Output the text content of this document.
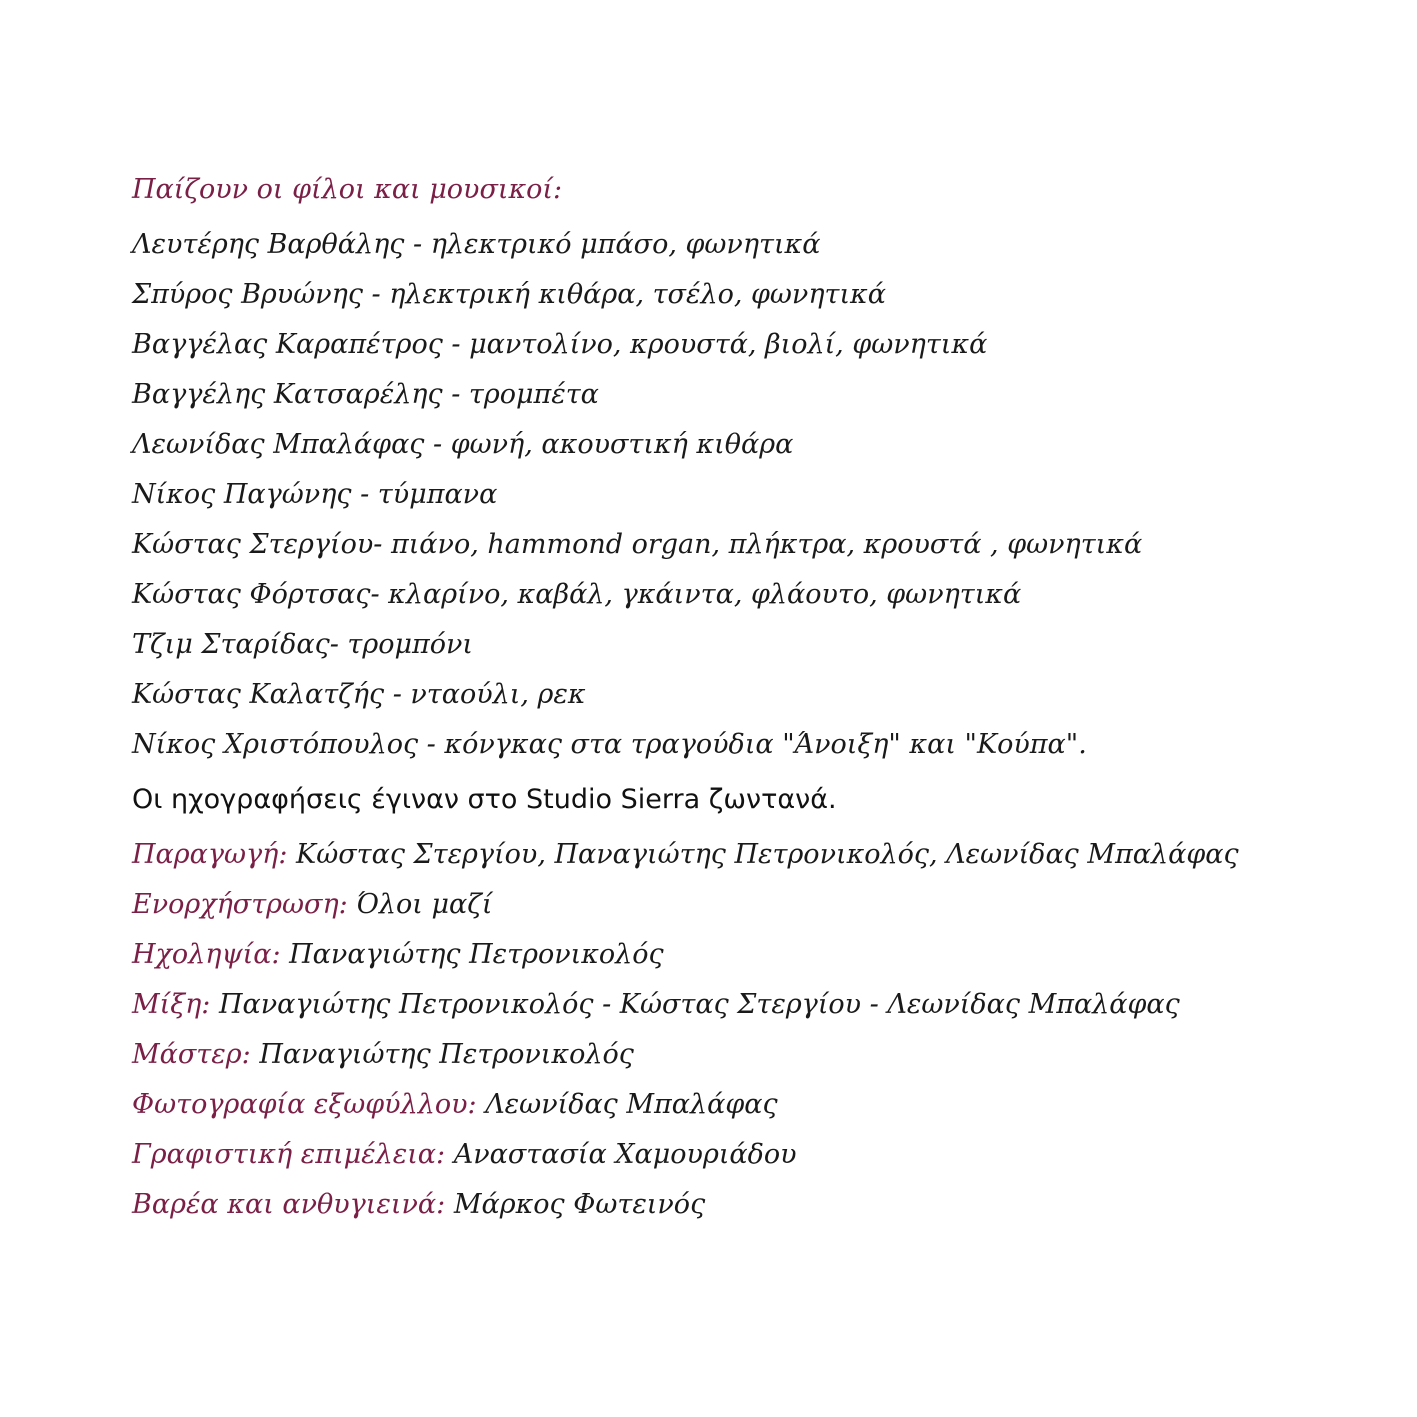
Παίζουν οι φίλοι και μουσικοί:
Λευτέρης Βαρθάλης - ηλεκτρικό μπάσο, φωνητικά
Σπύρος Βρυώνης - ηλεκτρική κιθάρα, τσέλο, φωνητικά
Βαγγέλας Καραπέτρος - μαντολίνο, κρουστά, βιολί, φωνητικά
Βαγγέλης Κατσαρέλης - τρομπέτα
Λεωνίδας Μπαλάφας - φωνή, ακουστική κιθάρα
Νίκος Παγώνης - τύμπανα
Κώστας Στεργίου- πιάνο, hammond organ, πλήκτρα, κρουστά , φωνητικά
Κώστας Φόρτσας- κλαρίνο, καβάλ, γκάιντα, φλάουτο, φωνητικά
Τζιμ Σταρίδας- τρομπόνι
Κώστας Καλατζής - νταούλι, ρεκ
Νίκος Χριστόπουλος - κόνγκας στα τραγούδια "Άνοιξη" και "Κούπα".
Οι ηχογραφήσεις έγιναν στο Studio Sierra ζωντανά.
Παραγωγή: Κώστας Στεργίου, Παναγιώτης Πετρονικολός, Λεωνίδας Μπαλάφας
Ενορχήστρωση: Όλοι μαζί
Ηχοληψία: Παναγιώτης Πετρονικολός
Μίξη: Παναγιώτης Πετρονικολός - Κώστας Στεργίου - Λεωνίδας Μπαλάφας
Μάστερ: Παναγιώτης Πετρονικολός
Φωτογραφία εξωφύλλου: Λεωνίδας Μπαλάφας
Γραφιστική επιμέλεια: Αναστασία Χαμουριάδου
Βαρέα και ανθυγιεινά: Μάρκος Φωτεινός
